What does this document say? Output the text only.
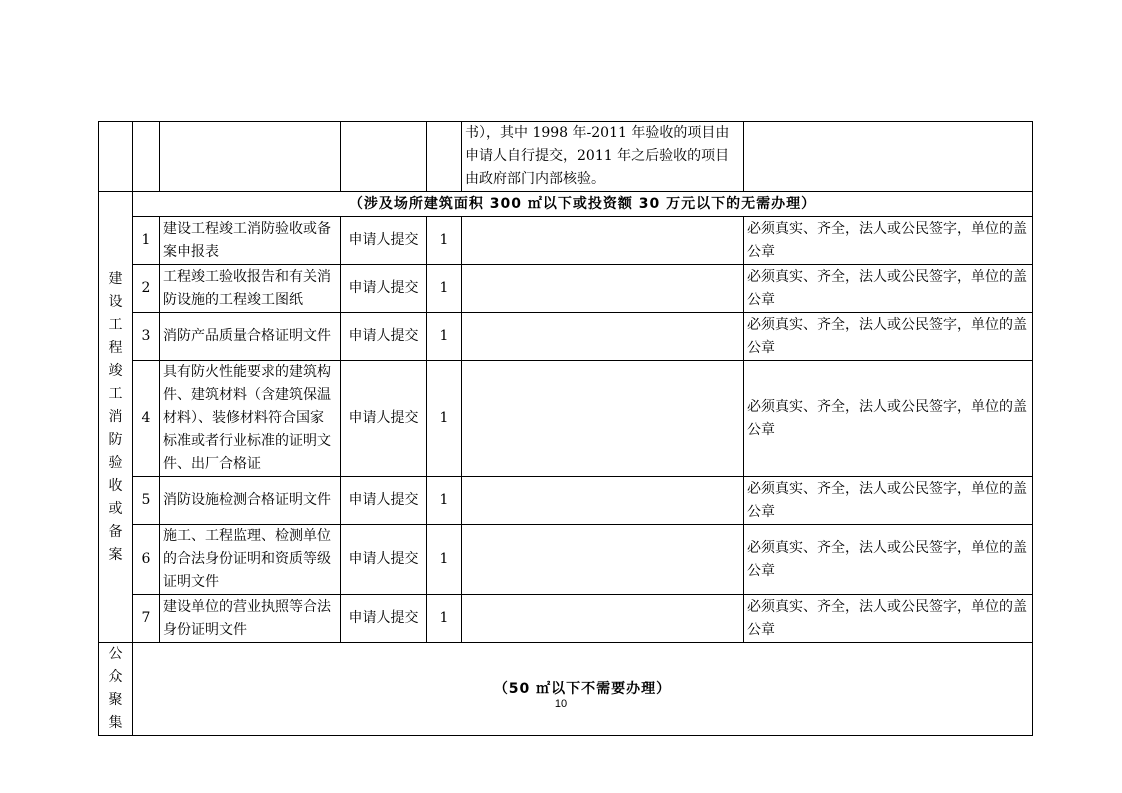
					书），其中 1998 年-2011 年验收的项目由申请人自行提交，2011 年之后验收的项目由政府部门内部核验。	
建设工程竣工消防验收或备案	（涉及场所建筑面积 300 ㎡以下或投资额 30 万元以下的无需办理）					
	1	建设工程竣工消防验收或备案申报表	申请人提交	1		必须真实、齐全，法人或公民签字，单位的盖公章
	2	工程竣工验收报告和有关消防设施的工程竣工图纸	申请人提交	1		必须真实、齐全，法人或公民签字，单位的盖公章
	3	消防产品质量合格证明文件	申请人提交	1		必须真实、齐全，法人或公民签字，单位的盖公章
	4	具有防火性能要求的建筑构件、建筑材料（含建筑保温材料）、装修材料符合国家标准或者行业标准的证明文件、出厂合格证	申请人提交	1		必须真实、齐全，法人或公民签字，单位的盖公章
	5	消防设施检测合格证明文件	申请人提交	1		必须真实、齐全，法人或公民签字，单位的盖公章
	6	施工、工程监理、检测单位的合法身份证明和资质等级证明文件	申请人提交	1		必须真实、齐全，法人或公民签字，单位的盖公章
	7	建设单位的营业执照等合法身份证明文件	申请人提交	1		必须真实、齐全，法人或公民签字，单位的盖公章
公众聚集	（50 ㎡以下不需要办理）					
10
